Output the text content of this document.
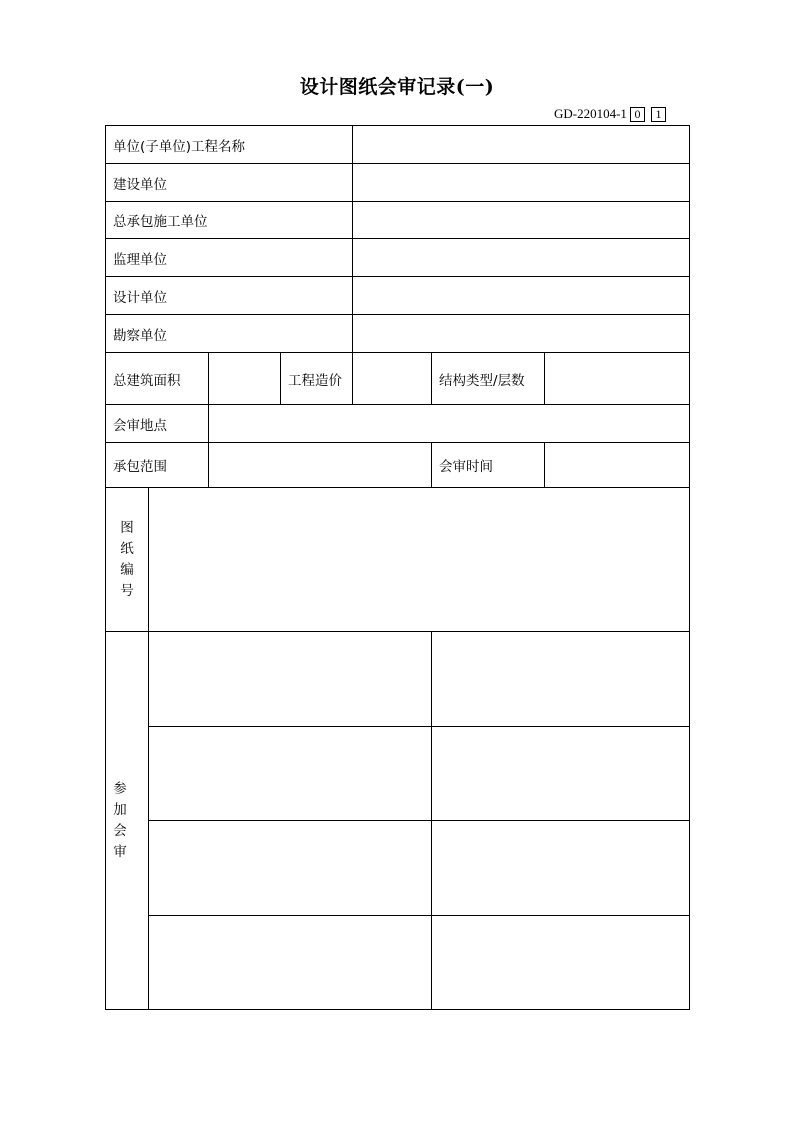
设计图纸会审记录(一)
GD-220104-1 0	1
单位(子单位)工程名称						
建设单位						
总承包施工单位						
监理单位						
设计单位						
勘察单位						
总建筑面积			工程造价		结构类型/层数	
会审地点						
承包范围					会审时间	
图纸编号						
参加会审						
